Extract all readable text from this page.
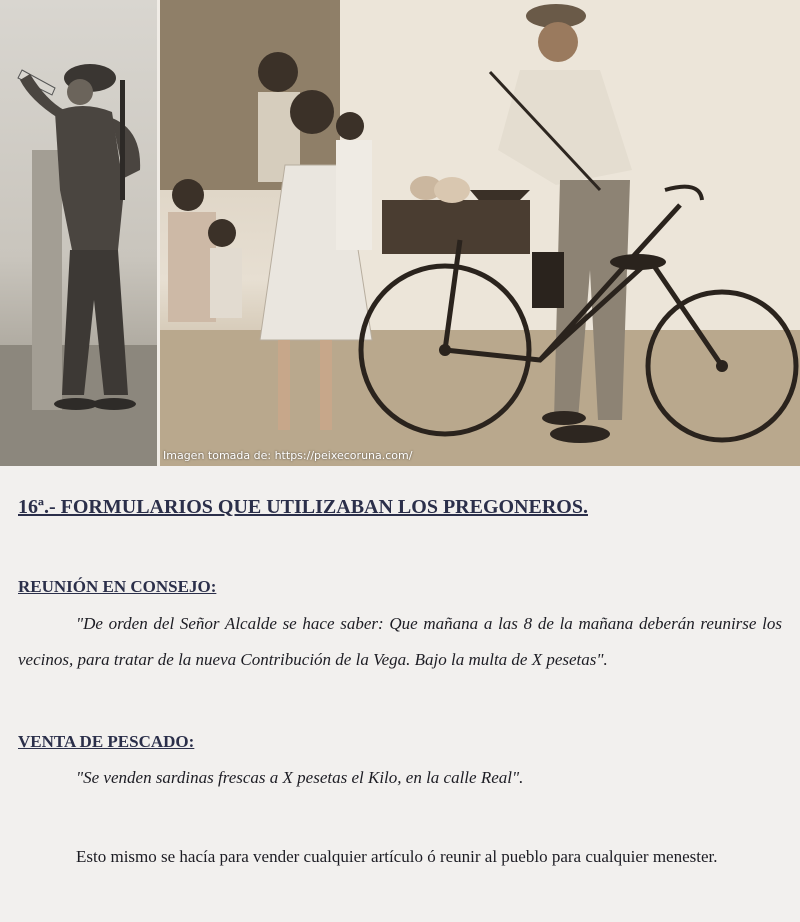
Imagen tomada de: https://peixecoruna.com/
16ª.- FORMULARIOS QUE UTILIZABAN LOS PREGONEROS.
REUNIÓN EN CONSEJO:

"De orden del Señor Alcalde se hace saber: Que mañana a las 8 de la mañana deberán reunirse los vecinos, para tratar de la nueva Contribución de la Vega. Bajo la multa de X pesetas".

VENTA DE PESCADO:

"Se venden sardinas frescas a X pesetas el Kilo, en la calle Real".

Esto mismo se hacía para vender cualquier artículo ó reunir al pueblo para cualquier menester.
